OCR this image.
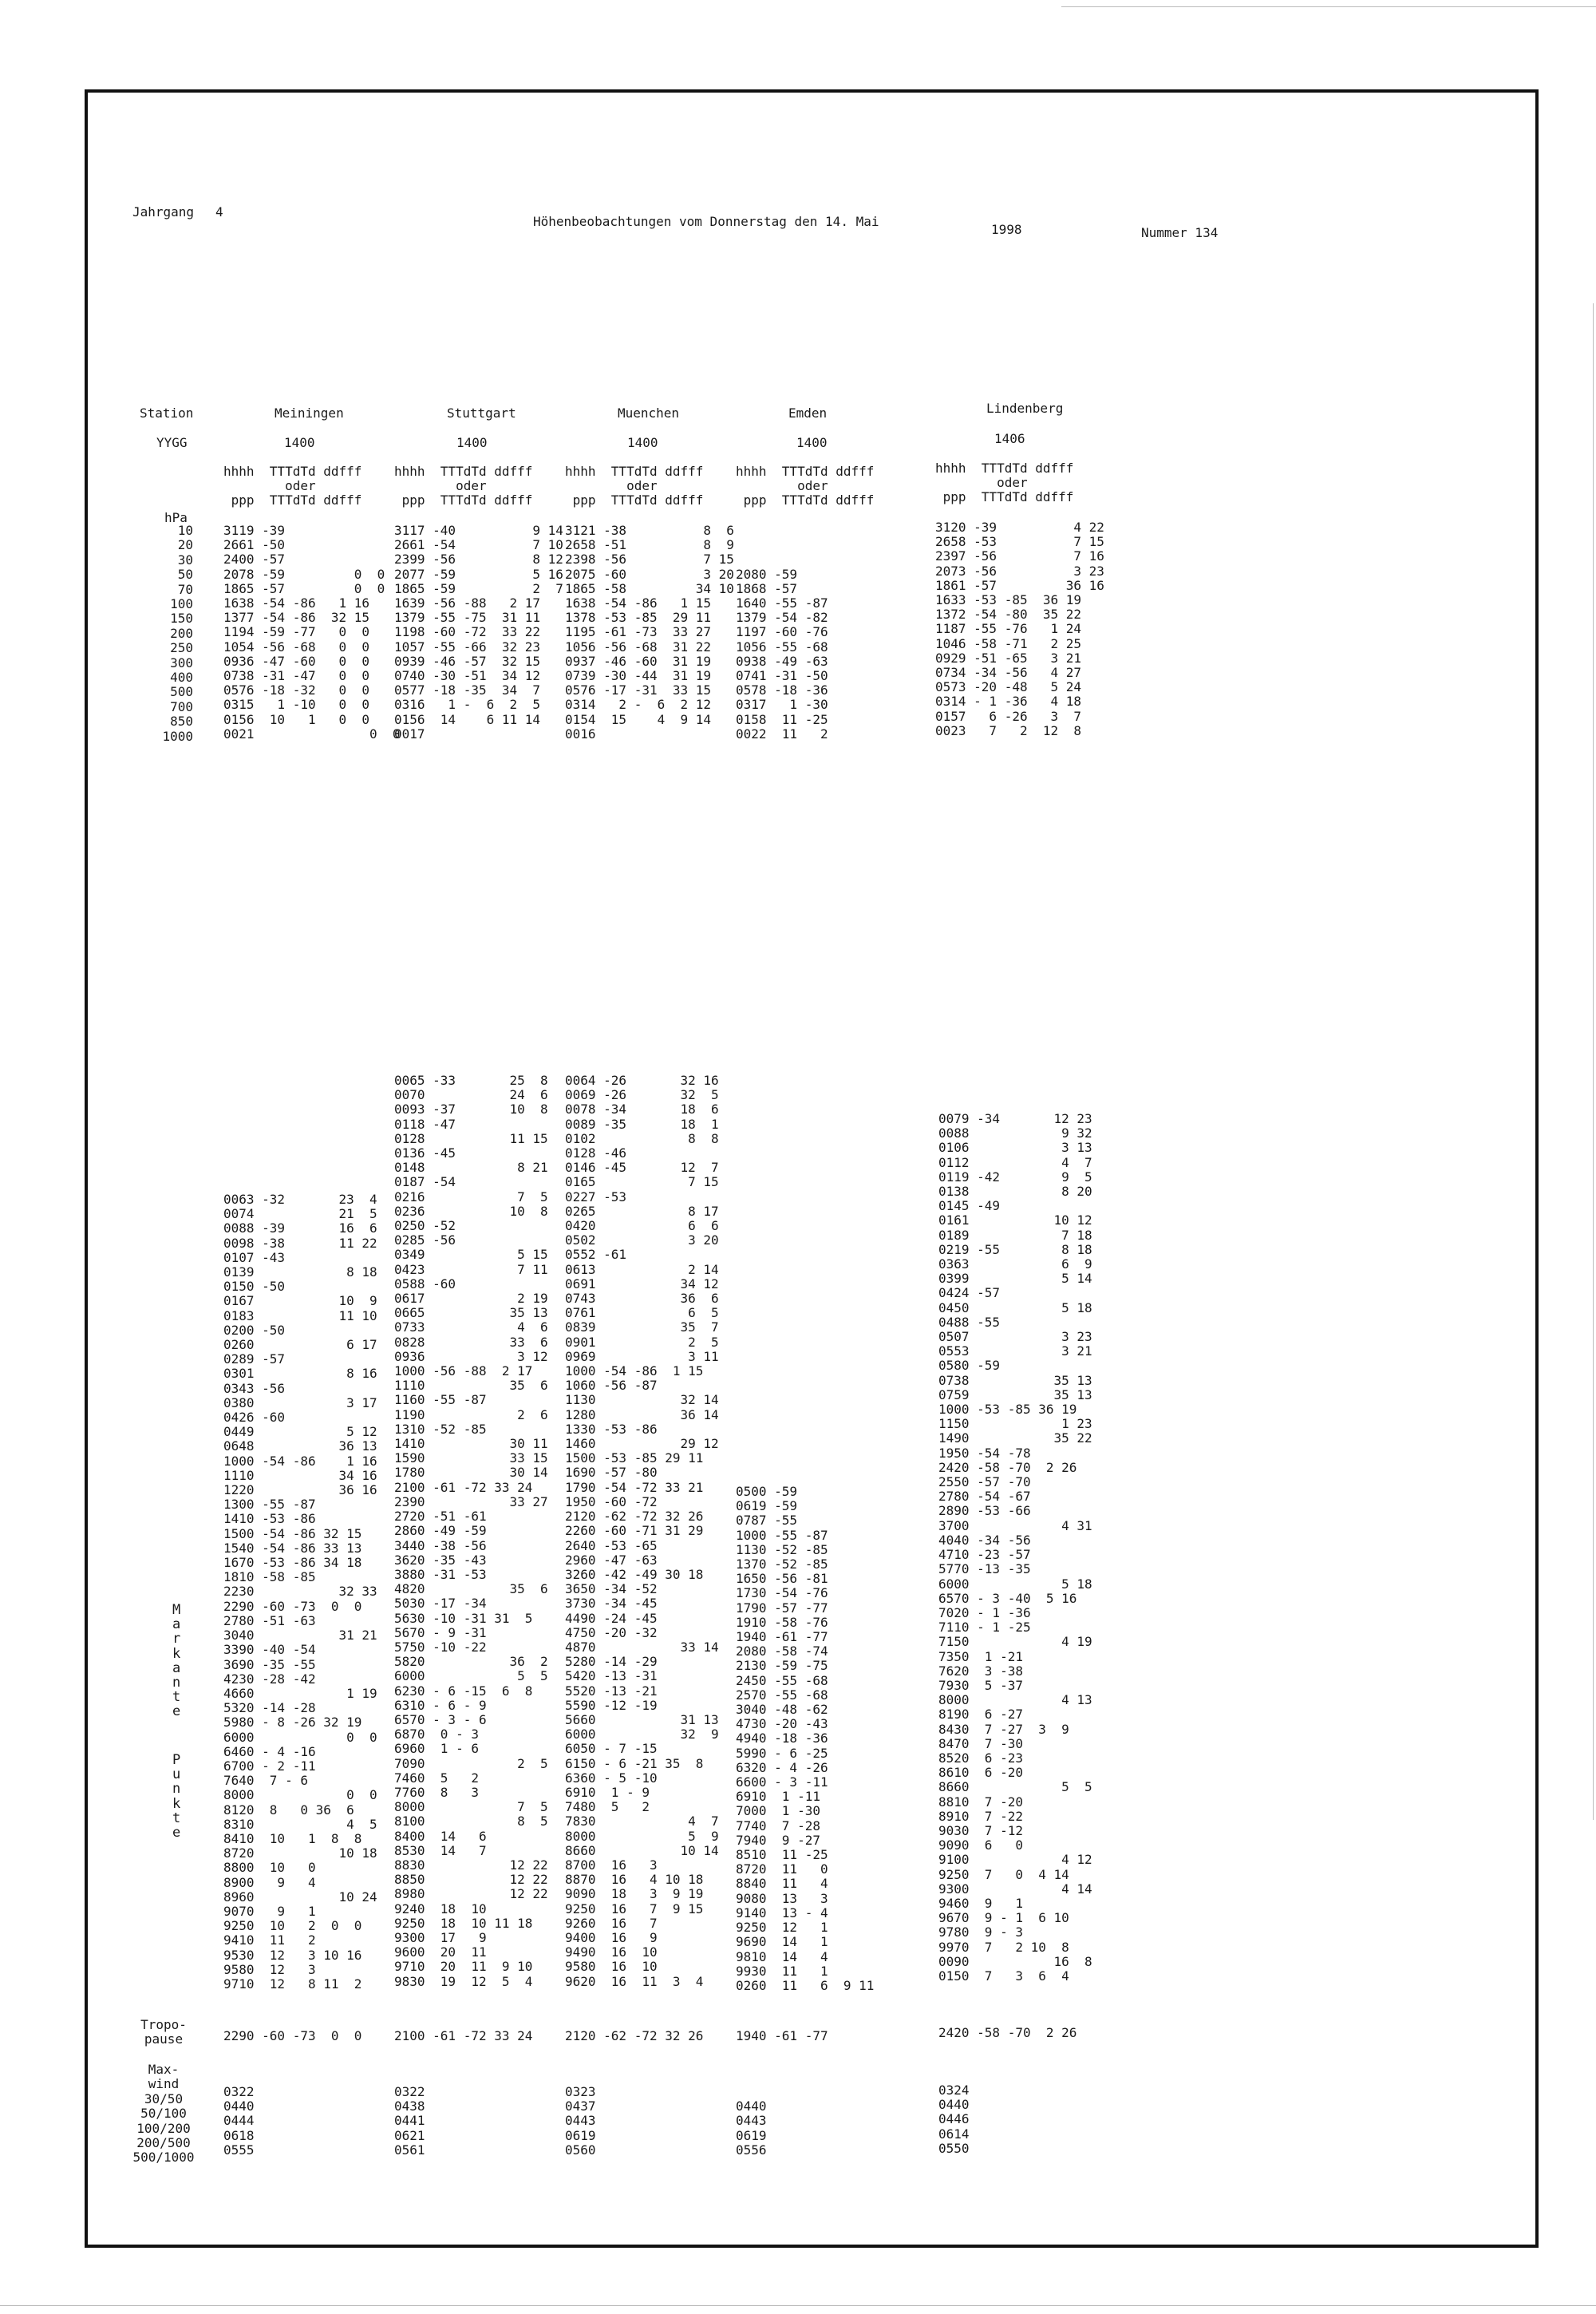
Jahrgang 4
Höhenbeobachtungen vom Donnerstag den 14. Mai
1998	Nummer 134
Station
YYGG
hPa
10
20
30
50
70
100
150
200
250
300
400
500
700
850
1000
M
a
r
k
a
n
t
e
P
u
n
k
t
e
Tropo-
pause
Max-
wind
30/50
50/100
100/200
200/500
500/1000
Meiningen
1400
hhhh  TTTdTd ddfff
oder
ppp  TTTdTd ddfff
3119 -39
2661 -50
2400 -57
2078 -59         0  0
1865 -57         0  0
1638 -54 -86   1 16
1377 -54 -86  32 15
1194 -59 -77   0  0
1054 -56 -68   0  0
0936 -47 -60   0  0
0738 -31 -47   0  0
0576 -18 -32   0  0
0315   1 -10   0  0
0156  10   1   0  0
0021               0  0
0063 -32       23  4
0074           21  5
0088 -39       16  6
0098 -38       11 22
0107 -43
0139            8 18
0150 -50
0167           10  9
0183           11 10
0200 -50
0260            6 17
0289 -57
0301            8 16
0343 -56
0380            3 17
0426 -60
0449            5 12
0648           36 13
1000 -54 -86    1 16
1110           34 16
1220           36 16
1300 -55 -87
1410 -53 -86
1500 -54 -86 32 15
1540 -54 -86 33 13
1670 -53 -86 34 18
1810 -58 -85
2230           32 33
2290 -60 -73  0  0
2780 -51 -63
3040           31 21
3390 -40 -54
3690 -35 -55
4230 -28 -42
4660            1 19
5320 -14 -28
5980 - 8 -26 32 19
6000            0  0
6460 - 4 -16
6700 - 2 -11
7640  7 - 6
8000            0  0
8120  8   0 36  6
8310            4  5
8410  10   1  8  8
8720           10 18
8800  10   0
8900   9   4
8960           10 24
9070   9   1
9250  10   2  0  0
9410  11   2
9530  12   3 10 16
9580  12   3
9710  12   8 11  2
2290 -60 -73  0  0
0322
0440
0444
0618
0555
Stuttgart
1400
hhhh  TTTdTd ddfff
oder
ppp  TTTdTd ddfff
3117 -40          9 14
2661 -54          7 10
2399 -56          8 12
2077 -59          5 16
1865 -59          2  7
1639 -56 -88   2 17
1379 -55 -75  31 11
1198 -60 -72  33 22
1057 -55 -66  32 23
0939 -46 -57  32 15
0740 -30 -51  34 12
0577 -18 -35  34  7
0316   1 -  6  2  5
0156  14    6 11 14
0017
0065 -33       25  8
0070           24  6
0093 -37       10  8
0118 -47
0128           11 15
0136 -45
0148            8 21
0187 -54
0216            7  5
0236           10  8
0250 -52
0285 -56
0349            5 15
0423            7 11
0588 -60
0617            2 19
0665           35 13
0733            4  6
0828           33  6
0936            3 12
1000 -56 -88  2 17
1110           35  6
1160 -55 -87
1190            2  6
1310 -52 -85
1410           30 11
1590           33 15
1780           30 14
2100 -61 -72 33 24
2390           33 27
2720 -51 -61
2860 -49 -59
3440 -38 -56
3620 -35 -43
3880 -31 -53
4820           35  6
5030 -17 -34
5630 -10 -31 31  5
5670 - 9 -31
5750 -10 -22
5820           36  2
6000            5  5
6230 - 6 -15  6  8
6310 - 6 - 9
6570 - 3 - 6
6870  0 - 3
6960  1 - 6
7090            2  5
7460  5   2
7760  8   3
8000            7  5
8100            8  5
8400  14   6
8530  14   7
8830           12 22
8850           12 22
8980           12 22
9240  18  10
9250  18  10 11 18
9300  17   9
9600  20  11
9710  20  11  9 10
9830  19  12  5  4
2100 -61 -72 33 24
0322
0438
0441
0621
0561
Muenchen
1400
hhhh  TTTdTd ddfff
oder
ppp  TTTdTd ddfff
3121 -38          8  6
2658 -51          8  9
2398 -56          7 15
2075 -60          3 20
1865 -58         34 10
1638 -54 -86   1 15
1378 -53 -85  29 11
1195 -61 -73  33 27
1056 -56 -68  31 22
0937 -46 -60  31 19
0739 -30 -44  31 19
0576 -17 -31  33 15
0314   2 -  6  2 12
0154  15    4  9 14
0016
0064 -26       32 16
0069 -26       32  5
0078 -34       18  6
0089 -35       18  1
0102            8  8
0128 -46
0146 -45       12  7
0165            7 15
0227 -53
0265            8 17
0420            6  6
0502            3 20
0552 -61
0613            2 14
0691           34 12
0743           36  6
0761            6  5
0839           35  7
0901            2  5
0969            3 11
1000 -54 -86  1 15
1060 -56 -87
1130           32 14
1280           36 14
1330 -53 -86
1460           29 12
1500 -53 -85 29 11
1690 -57 -80
1790 -54 -72 33 21
1950 -60 -72
2120 -62 -72 32 26
2260 -60 -71 31 29
2640 -53 -65
2960 -47 -63
3260 -42 -49 30 18
3650 -34 -52
3730 -34 -45
4490 -24 -45
4750 -20 -32
4870           33 14
5280 -14 -29
5420 -13 -31
5520 -13 -21
5590 -12 -19
5660           31 13
6000           32  9
6050 - 7 -15
6150 - 6 -21 35  8
6360 - 5 -10
6910  1 - 9
7480  5   2
7830            4  7
8000            5  9
8660           10 14
8700  16   3
8870  16   4 10 18
9090  18   3  9 19
9250  16   7  9 15
9260  16   7
9400  16   9
9490  16  10
9580  16  10
9620  16  11  3  4
2120 -62 -72 32 26
0323
0437
0443
0619
0560
Emden
1400
hhhh  TTTdTd ddfff
oder
ppp  TTTdTd ddfff

2080 -59
1868 -57
1640 -55 -87
1379 -54 -82
1197 -60 -76
1056 -55 -68
0938 -49 -63
0741 -31 -50
0578 -18 -36
0317   1 -30
0158  11 -25
0022  11   2
0500 -59
0619 -59
0787 -55
1000 -55 -87
1130 -52 -85
1370 -52 -85
1650 -56 -81
1730 -54 -76
1790 -57 -77
1910 -58 -76
1940 -61 -77
2080 -58 -74
2130 -59 -75
2450 -55 -68
2570 -55 -68
3040 -48 -62
4730 -20 -43
4940 -18 -36
5990 - 6 -25
6320 - 4 -26
6600 - 3 -11
6910  1 -11
7000  1 -30
7740  7 -28
7940  9 -27
8510  11 -25
8720  11   0
8840  11   4
9080  13   3
9140  13 - 4
9250  12   1
9690  14   1
9810  14   4
9930  11   1
0260  11   6  9 11
1940 -61 -77

0440
0443
0619
0556
Lindenberg
1406
hhhh  TTTdTd ddfff
oder
ppp  TTTdTd ddfff
3120 -39          4 22
2658 -53          7 15
2397 -56          7 16
2073 -56          3 23
1861 -57         36 16
1633 -53 -85  36 19
1372 -54 -80  35 22
1187 -55 -76   1 24
1046 -58 -71   2 25
0929 -51 -65   3 21
0734 -34 -56   4 27
0573 -20 -48   5 24
0314 - 1 -36   4 18
0157   6 -26   3  7
0023   7   2  12  8
0079 -34       12 23
0088            9 32
0106            3 13
0112            4  7
0119 -42        9  5
0138            8 20
0145 -49
0161           10 12
0189            7 18
0219 -55        8 18
0363            6  9
0399            5 14
0424 -57
0450            5 18
0488 -55
0507            3 23
0553            3 21
0580 -59
0738           35 13
0759           35 13
1000 -53 -85 36 19
1150            1 23
1490           35 22
1950 -54 -78
2420 -58 -70  2 26
2550 -57 -70
2780 -54 -67
2890 -53 -66
3700            4 31
4040 -34 -56
4710 -23 -57
5770 -13 -35
6000            5 18
6570 - 3 -40  5 16
7020 - 1 -36
7110 - 1 -25
7150            4 19
7350  1 -21
7620  3 -38
7930  5 -37
8000            4 13
8190  6 -27
8430  7 -27  3  9
8470  7 -30
8520  6 -23
8610  6 -20
8660            5  5
8810  7 -20
8910  7 -22
9030  7 -12
9090  6   0
9100            4 12
9250  7   0  4 14
9300            4 14
9460  9   1
9670  9 - 1  6 10
9780  9 - 3
9970  7   2 10  8
0090           16  8
0150  7   3  6  4
2420 -58 -70  2 26
0324
0440
0446
0614
0550
